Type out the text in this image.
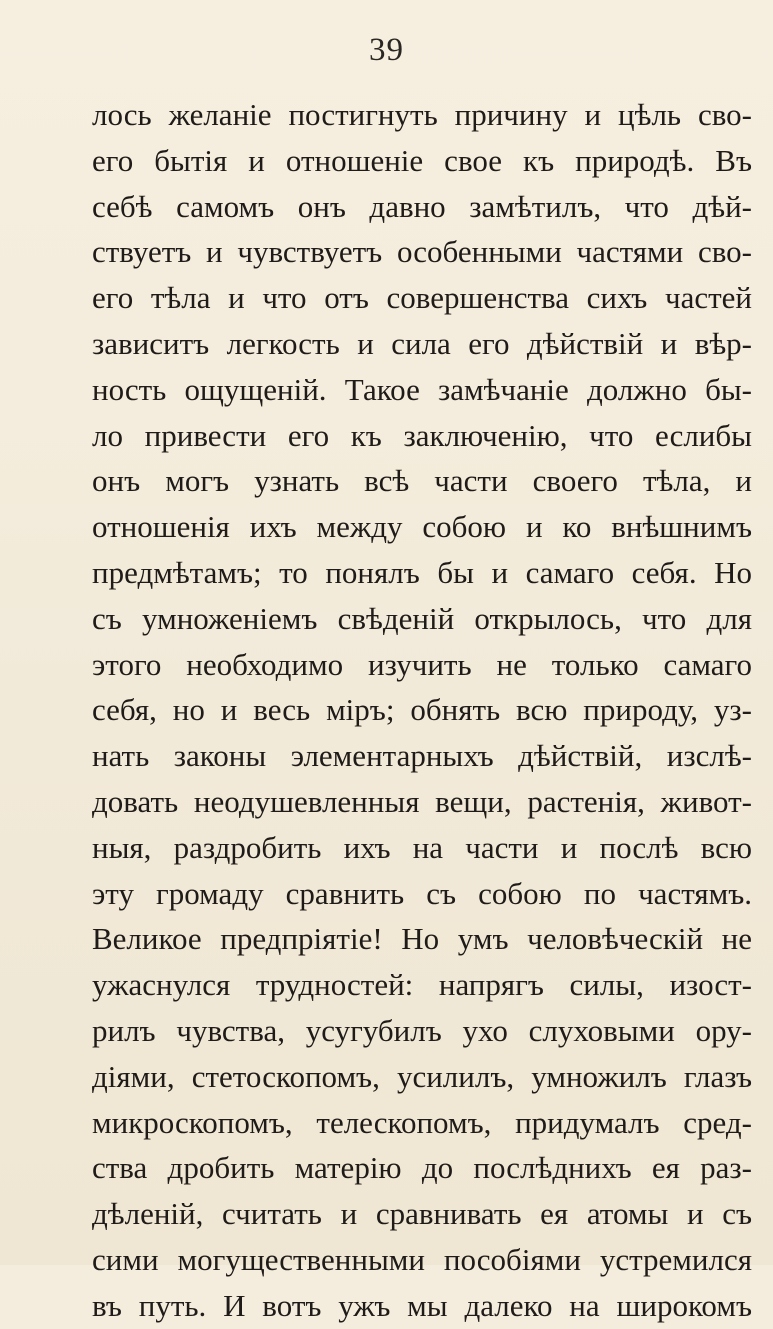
39
лось желаніе постигнуть причину и цѣль сво-
его бытія и отношеніе свое къ природѣ. Въ
себѣ самомъ онъ давно замѣтилъ, что дѣй-
ствуетъ и чувствуетъ особенными частями сво-
его тѣла и что отъ совершенства сихъ частей
зависитъ легкость и сила его дѣйствій и вѣр-
ность ощущеній. Такое замѣчаніе должно бы-
ло привести его къ заключенію, что еслибы
онъ могъ узнать всѣ части своего тѣла, и
отношенія ихъ между собою и ко внѣшнимъ
предмѣтамъ; то понялъ бы и самаго себя. Но
съ умноженіемъ свѣденій открылось, что для
этого необходимо изучить не только самаго
себя, но и весь міръ; обнять всю природу, уз-
нать законы элементарныхъ дѣйствій, изслѣ-
довать неодушевленныя вещи, растенія, живот-
ныя, раздробить ихъ на части и послѣ всю
эту громаду сравнить съ собою по частямъ.
Великое предпріятіе! Но умъ человѣческій не
ужаснулся трудностей: напрягъ силы, изост-
рилъ чувства, усугубилъ ухо слуховыми ору-
діями, стетоскопомъ, усилилъ, умножилъ глазъ
микроскопомъ, телескопомъ, придумалъ сред-
ства дробить матерію до послѣднихъ ея раз-
дѣленій, считать и сравнивать ея атомы и съ
сими могущественными пособіями устремился
въ путь. И вотъ ужъ мы далеко на широкомъ
